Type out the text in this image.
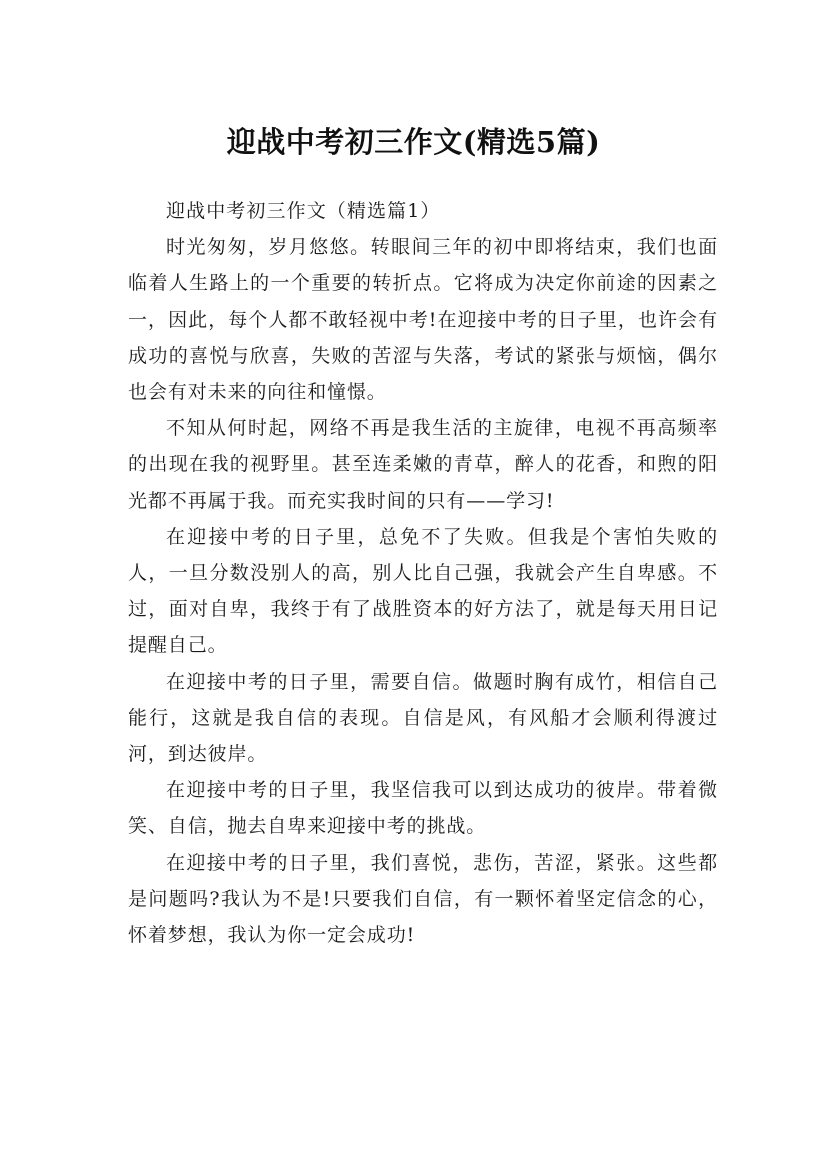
迎战中考初三作文(精选5篇)

迎战中考初三作文（精选篇1）

时光匆匆，岁月悠悠。转眼间三年的初中即将结束，我们也面临着人生路上的一个重要的转折点。它将成为决定你前途的因素之一，因此，每个人都不敢轻视中考!在迎接中考的日子里，也许会有成功的喜悦与欣喜，失败的苦涩与失落，考试的紧张与烦恼，偶尔也会有对未来的向往和憧憬。

不知从何时起，网络不再是我生活的主旋律，电视不再高频率的出现在我的视野里。甚至连柔嫩的青草，醉人的花香，和煦的阳光都不再属于我。而充实我时间的只有——学习!

在迎接中考的日子里，总免不了失败。但我是个害怕失败的人，一旦分数没别人的高，别人比自己强，我就会产生自卑感。不过，面对自卑，我终于有了战胜资本的好方法了，就是每天用日记提醒自己。

在迎接中考的日子里，需要自信。做题时胸有成竹，相信自己能行，这就是我自信的表现。自信是风，有风船才会顺利得渡过河，到达彼岸。

在迎接中考的日子里，我坚信我可以到达成功的彼岸。带着微笑、自信，抛去自卑来迎接中考的挑战。

在迎接中考的日子里，我们喜悦，悲伤，苦涩，紧张。这些都是问题吗?我认为不是!只要我们自信，有一颗怀着坚定信念的心，怀着梦想，我认为你一定会成功!
